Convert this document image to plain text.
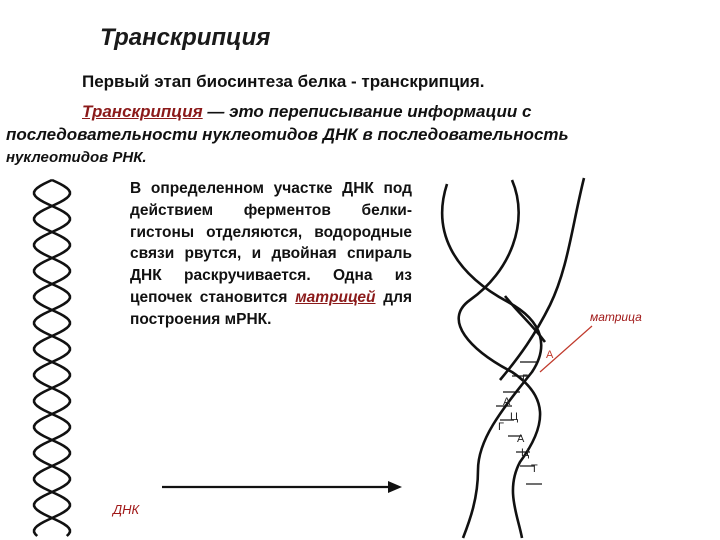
Транскрипция
Первый этап биосинтеза белка - транскрипция.
Транскрипция — это переписывание информации с
последовательности нуклеотидов ДНК в последовательность
нуклеотидов РНК.
В определенном участке ДНК под действием ферментов белки-гистоны отделяются, водородные связи рвутся, и двойная спираль ДНК раскручивается. Одна из цепочек становится матрицей для построения мРНК.
А
Г
А
Ц
Г
А
Ц
Т
матрица
ДНК
